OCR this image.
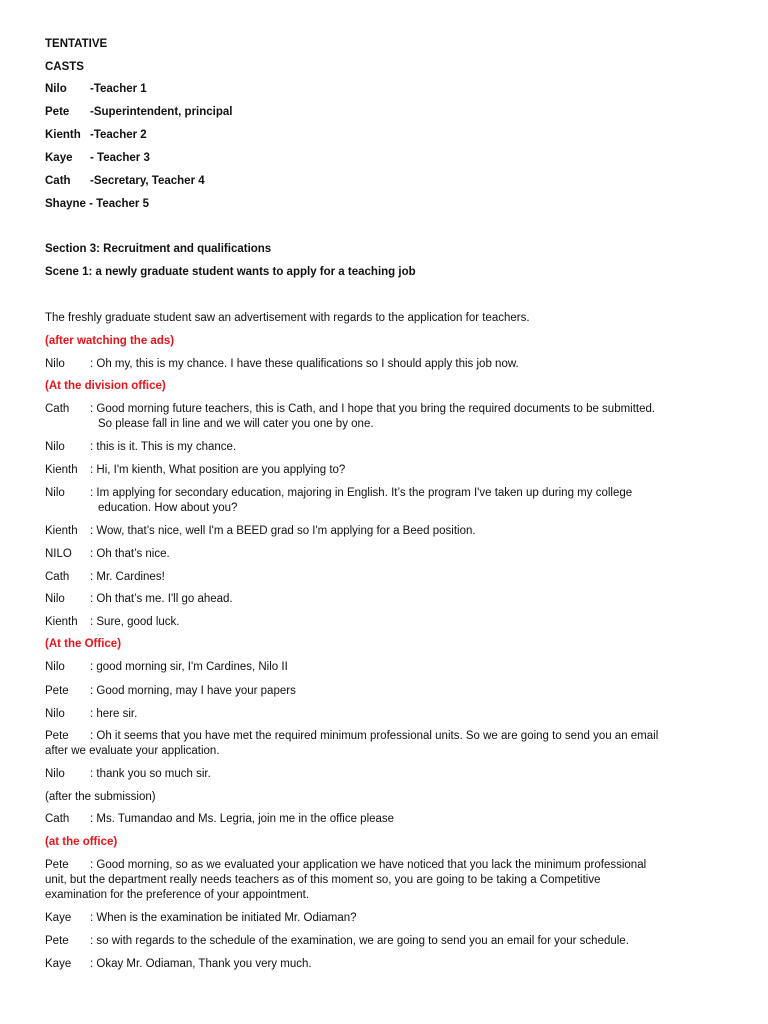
TENTATIVE
CASTS
Nilo -Teacher 1
Pete -Superintendent, principal
Kienth -Teacher 2
Kaye - Teacher 3
Cath -Secretary, Teacher 4
Shayne - Teacher 5
Section 3: Recruitment and qualifications
Scene 1: a newly graduate student wants to apply for a teaching job
The freshly graduate student saw an advertisement with regards to the application for teachers.
(after watching the ads)
Nilo : Oh my, this is my chance. I have these qualifications so I should apply this job now.
(At the division office)
Cath : Good morning future teachers, this is Cath, and I hope that you bring the required documents to be submitted.
So please fall in line and we will cater you one by one.
Nilo : this is it. This is my chance.
Kienth : Hi, I'm kienth, What position are you applying to?
Nilo : Im applying for secondary education, majoring in English. It’s the program I've taken up during my college
education. How about you?
Kienth : Wow, that’s nice, well I'm a BEED grad so I'm applying for a Beed position.
NILO : Oh that’s nice.
Cath : Mr. Cardines!
Nilo : Oh that’s me. I'll go ahead.
Kienth : Sure, good luck.
(At the Office)
Nilo : good morning sir, I'm Cardines, Nilo II
Pete : Good morning, may I have your papers
Nilo : here sir.
Pete : Oh it seems that you have met the required minimum professional units. So we are going to send you an email
after we evaluate your application.
Nilo : thank you so much sir.
(after the submission)
Cath : Ms. Tumandao and Ms. Legria, join me in the office please
(at the office)
Pete : Good morning, so as we evaluated your application we have noticed that you lack the minimum professional
unit, but the department really needs teachers as of this moment so, you are going to be taking a Competitive
examination for the preference of your appointment.
Kaye : When is the examination be initiated Mr. Odiaman?
Pete : so with regards to the schedule of the examination, we are going to send you an email for your schedule.
Kaye : Okay Mr. Odiaman, Thank you very much.
